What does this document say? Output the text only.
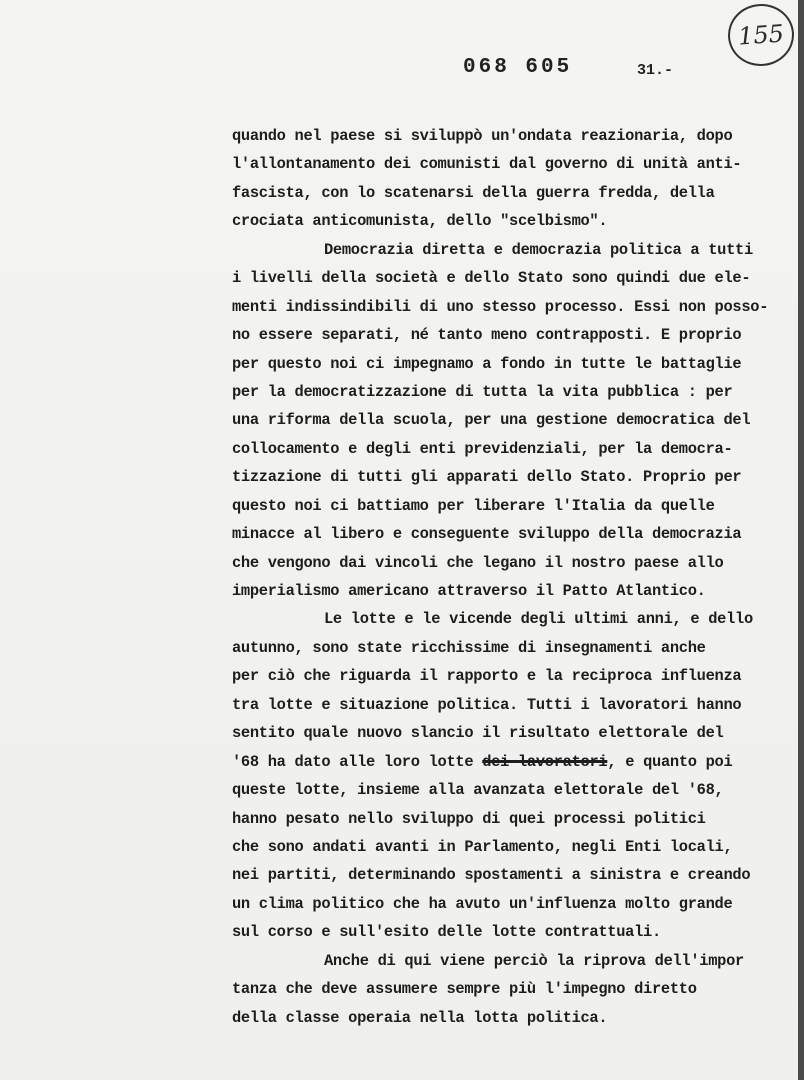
068 605	31.-
155
quando nel paese si sviluppò un'ondata reazionaria, dopo
l'allontanamento dei comunisti dal governo di unità anti-
fascista, con lo scatenarsi della guerra fredda, della
crociata anticomunista, dello "scelbismo".
Democrazia diretta e democrazia politica a tutti
i livelli della società e dello Stato sono quindi due ele-
menti indissindibili di uno stesso processo. Essi non posso-
no essere separati, né tanto meno contrapposti. E proprio
per questo noi ci impegnamo a fondo in tutte le battaglie
per la democratizzazione di tutta la vita pubblica : per
una riforma della scuola, per una gestione democratica del
collocamento e degli enti previdenziali, per la democra-
tizzazione di tutti gli apparati dello Stato. Proprio per
questo noi ci battiamo per liberare l'Italia da quelle
minacce al libero e conseguente sviluppo della democrazia
che vengono dai vincoli che legano il nostro paese allo
imperialismo americano attraverso il Patto Atlantico.
Le lotte e le vicende degli ultimi anni, e dello
autunno, sono state ricchissime di insegnamenti anche
per ciò che riguarda il rapporto e la reciproca influenza
tra lotte e situazione politica. Tutti i lavoratori hanno
sentito quale nuovo slancio il risultato elettorale del
'68 ha dato alle loro lotte dei lavoratori, e quanto poi
queste lotte, insieme alla avanzata elettorale del '68,
hanno pesato nello sviluppo di quei processi politici
che sono andati avanti in Parlamento, negli Enti locali,
nei partiti, determinando spostamenti a sinistra e creando
un clima politico che ha avuto un'influenza molto grande
sul corso e sull'esito delle lotte contrattuali.
Anche di qui viene perciò la riprova dell'impor
tanza che deve assumere sempre più l'impegno diretto
della classe operaia nella lotta politica.
